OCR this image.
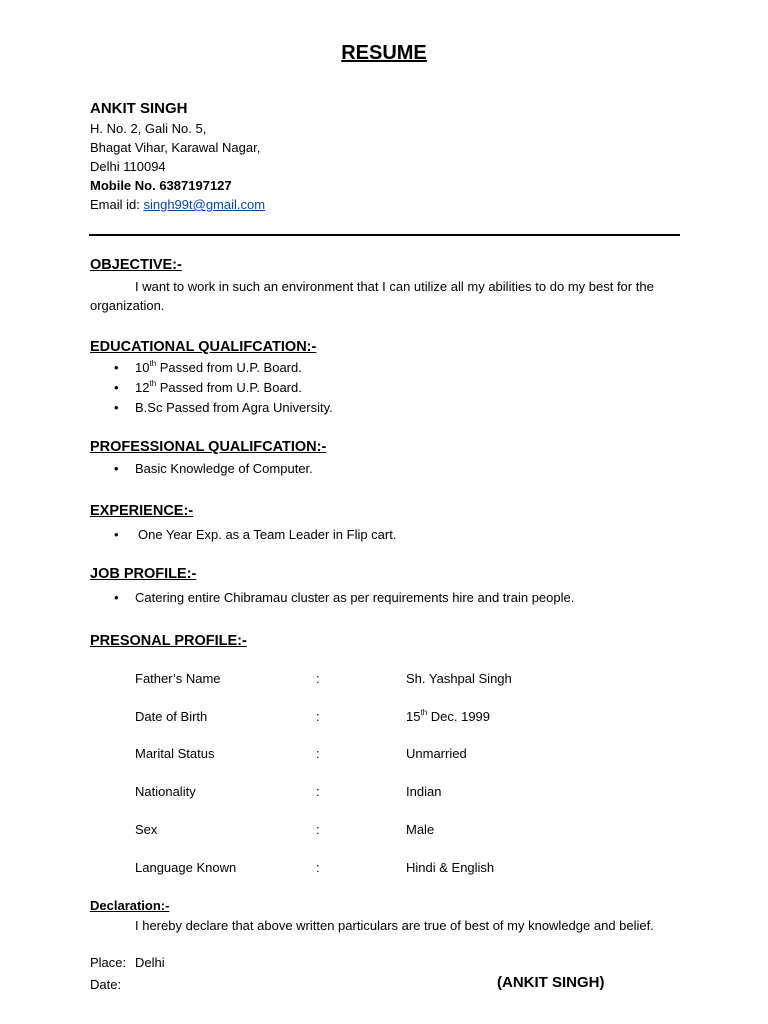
RESUME
ANKIT SINGH
H. No. 2, Gali No. 5,
Bhagat Vihar, Karawal Nagar,
Delhi 110094
Mobile No. 6387197127
Email id: singh99t@gmail.com
OBJECTIVE:-
I want to work in such an environment that I can utilize all my abilities to do my best for the organization.
EDUCATIONAL QUALIFCATION:-
• 10th Passed from U.P. Board.
• 12th Passed from U.P. Board.
• B.Sc Passed from Agra University.
PROFESSIONAL QUALIFCATION:-
• Basic Knowledge of Computer.
EXPERIENCE:-
• One Year Exp. as a Team Leader in Flip cart.
JOB PROFILE:-
• Catering entire Chibramau cluster as per requirements hire and train people.
PRESONAL PROFILE:-
Father’s Name	:	Sh. Yashpal Singh
Date of Birth	:	15th Dec. 1999
Marital Status	:	Unmarried
Nationality	:	Indian
Sex	:	Male
Language Known	:	Hindi & English
Declaration:-
I hereby declare that above written particulars are true of best of my knowledge and belief.
Place: Delhi
Date:	(ANKIT SINGH)
